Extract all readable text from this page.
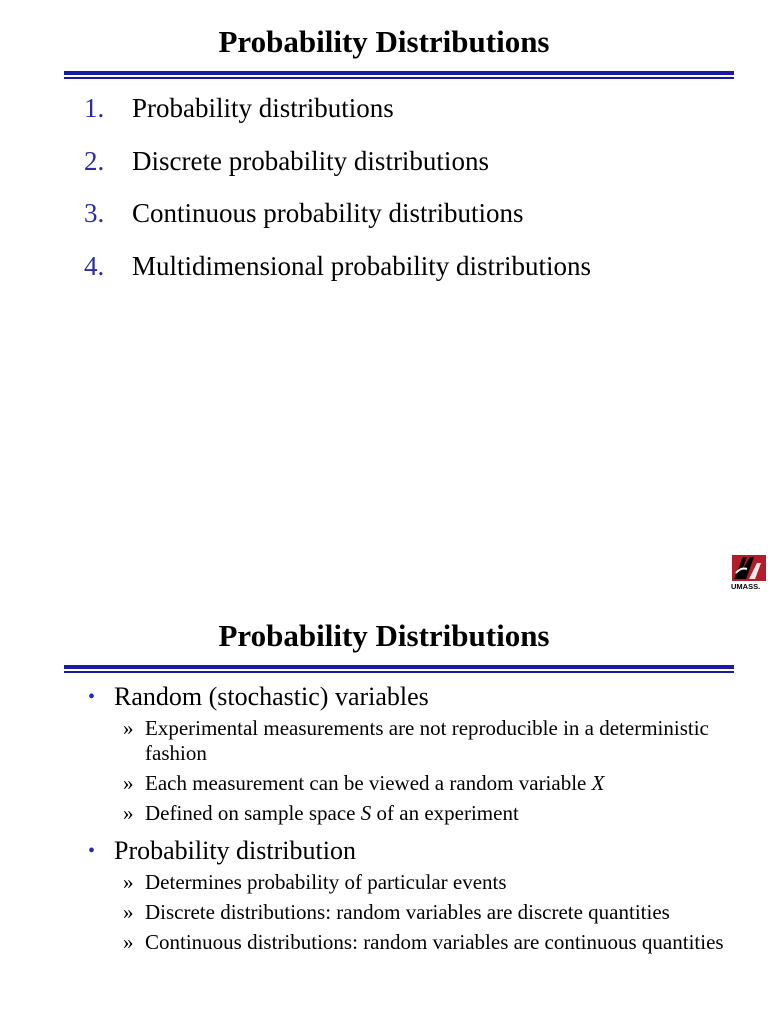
Probability Distributions
1. Probability distributions
2. Discrete probability distributions
3. Continuous probability distributions
4. Multidimensional probability distributions
UMASS.
Probability Distributions
• Random (stochastic) variables
» Experimental measurements are not reproducible in a deterministic fashion
» Each measurement can be viewed a random variable X
» Defined on sample space S of an experiment
• Probability distribution
» Determines probability of particular events
» Discrete distributions: random variables are discrete quantities
» Continuous distributions: random variables are continuous quantities
